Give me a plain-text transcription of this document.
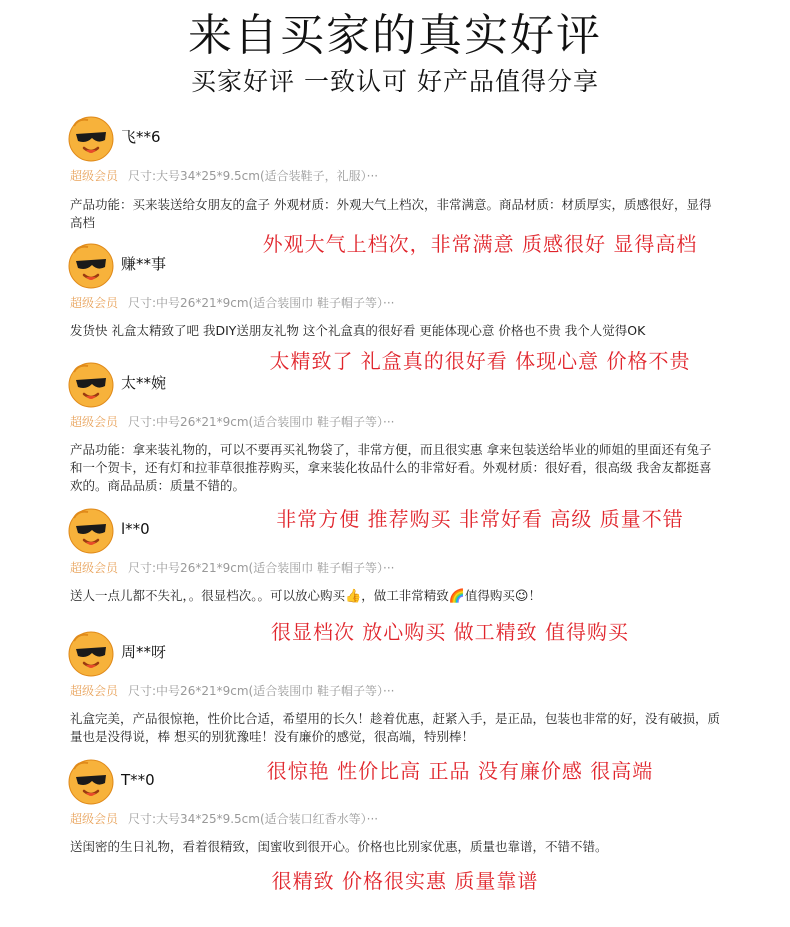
来自买家的真实好评
买家好评 一致认可 好产品值得分享
飞**6
超级会员 尺寸:大号34*25*9.5cm(适合装鞋子，礼服）···
产品功能：买来装送给女朋友的盒子 外观材质：外观大气上档次，非常满意。商品材质：材质厚实，质感很好，显得高档
外观大气上档次，非常满意 质感很好 显得高档
赚**事
超级会员 尺寸:中号26*21*9cm(适合装围巾 鞋子帽子等）···
发货快 礼盒太精致了吧 我DIY送朋友礼物 这个礼盒真的很好看 更能体现心意 价格也不贵 我个人觉得OK
太精致了 礼盒真的很好看 体现心意 价格不贵
太**婉
超级会员 尺寸:中号26*21*9cm(适合装围巾 鞋子帽子等）···
产品功能：拿来装礼物的，可以不要再买礼物袋了，非常方便，而且很实惠 拿来包装送给毕业的师姐的里面还有兔子和一个贺卡，还有灯和拉菲草很推荐购买，拿来装化妆品什么的非常好看。外观材质：很好看，很高级 我舍友都挺喜欢的。商品品质：质量不错的。
非常方便 推荐购买 非常好看 高级 质量不错
l**0
超级会员 尺寸:中号26*21*9cm(适合装围巾 鞋子帽子等）···
送人一点儿都不失礼，。很显档次。。可以放心购买👍，做工非常精致🌈值得购买😉！
很显档次 放心购买 做工精致 值得购买
周**呀
超级会员 尺寸:中号26*21*9cm(适合装围巾 鞋子帽子等）···
礼盒完美，产品很惊艳，性价比合适，希望用的长久！趁着优惠，赶紧入手，是正品，包装也非常的好，没有破损，质量也是没得说，棒 想买的别犹豫哇！没有廉价的感觉，很高端，特别棒！
很惊艳 性价比高 正品 没有廉价感 很高端
T**0
超级会员 尺寸:大号34*25*9.5cm(适合装口红香水等）···
送闺密的生日礼物，看着很精致，闺蜜收到很开心。价格也比别家优惠，质量也靠谱，不错不错。
很精致 价格很实惠 质量靠谱
